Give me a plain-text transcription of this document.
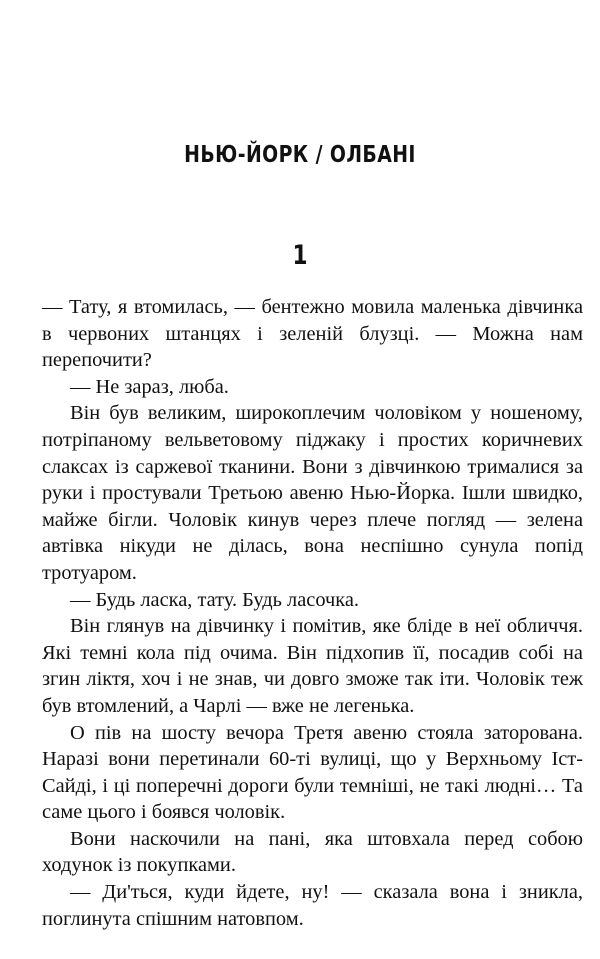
НЬЮ-ЙОРК / ОЛБАНІ
1

— Тату, я втомилась, — бентежно мовила маленька дівчинка в червоних штанцях і зеленій блузці. — Можна нам перепочити?

— Не зараз, люба.

Він був великим, широкоплечим чоловіком у ношеному, потріпаному вельветовому піджаку і простих коричневих слаксах із саржевої тканини. Вони з дівчинкою трималися за руки і простували Третьою авеню Нью-Йорка. Ішли швидко, майже бігли. Чоловік кинув через плече погляд — зелена автівка нікуди не ділась, вона неспішно сунула попід тротуаром.

— Будь ласка, тату. Будь ласочка.

Він глянув на дівчинку і помітив, яке бліде в неї обличчя. Які темні кола під очима. Він підхопив її, посадив собі на згин ліктя, хоч і не знав, чи довго зможе так іти. Чоловік теж був втомлений, а Чарлі — вже не легенька.

О пів на шосту вечора Третя авеню стояла заторована. Наразі вони перетинали 60-ті вулиці, що у Верхньому Іст-Сайді, і ці поперечні дороги були темніші, не такі людні… Та саме цього і боявся чоловік.

Вони наскочили на пані, яка штовхала перед собою ходунок із покупками.

— Ди'ться, куди йдете, ну! — сказала вона і зникла, поглинута спішним натовпом.
